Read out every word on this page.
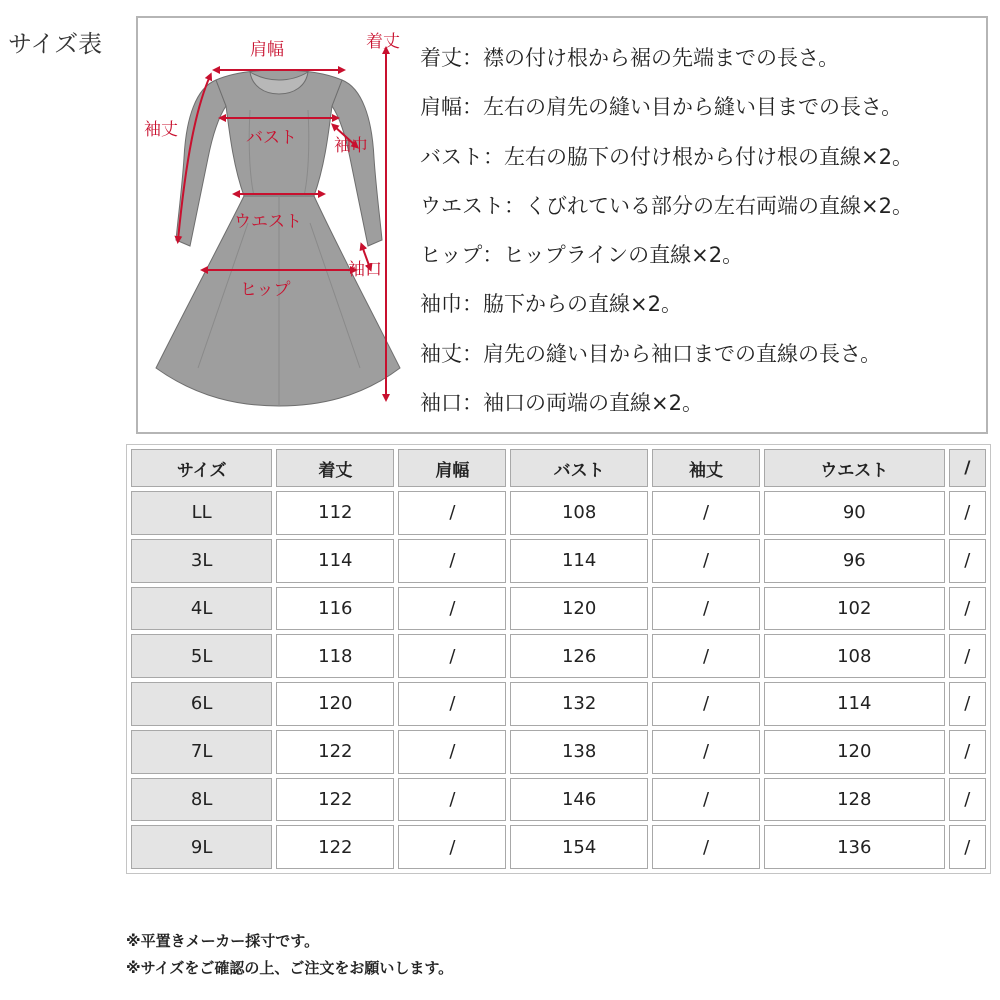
サイズ表	肩幅	着丈
袖丈	バスト 袖巾
ウエスト
袖口
ヒップ
着丈：襟の付け根から裾の先端までの長さ。
肩幅：左右の肩先の縫い目から縫い目までの長さ。
バスト：左右の脇下の付け根から付け根の直線×2。
ウエスト：くびれている部分の左右両端の直線×2。
ヒップ：ヒップラインの直線×2。
袖巾：脇下からの直線×2。
袖丈：肩先の縫い目から袖口までの直線の長さ。
袖口：袖口の両端の直線×2。
サイズ	着丈	肩幅	バスト	袖丈	ウエスト	/
LL	112	/	108	/	90	/
3L	114	/	114	/	96	/
4L	116	/	120	/	102	/
5L	118	/	126	/	108	/
6L	120	/	132	/	114	/
7L	122	/	138	/	120	/
8L	122	/	146	/	128	/
9L	122	/	154	/	136	/
※平置きメーカー採寸です。
※サイズをご確認の上、ご注文をお願いします。
